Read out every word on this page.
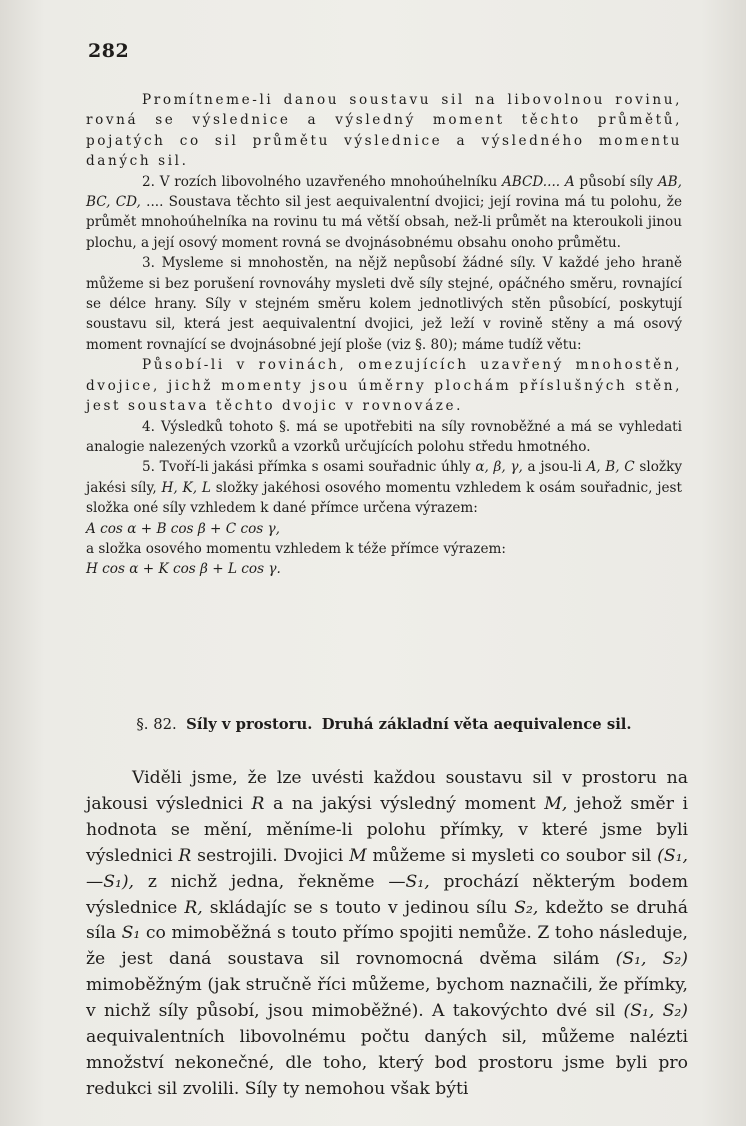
282

Promítneme-li danou soustavu sil na libovolnou rovinu, rovná se výslednice a výsledný moment těchto průmětů, pojatých co sil průmětu výslednice a výsledného momentu daných sil.

2. V rozích libovolného uzavřeného mnohoúhelníku ABCD.... A působí síly AB, BC, CD, .... Soustava těchto sil jest aequivalentní dvojici; její rovina má tu polohu, že průmět mnohoúhelníka na rovinu tu má větší obsah, než-li průmět na kteroukoli jinou plochu, a její osový moment rovná se dvojnásobnému obsahu onoho průmětu.

3. Mysleme si mnohostěn, na nějž nepůsobí žádné síly. V každé jeho hraně můžeme si bez porušení rovnováhy mysleti dvě síly stejné, opáčného směru, rovnající se délce hrany. Síly v stejném směru kolem jednotlivých stěn působící, poskytují soustavu sil, která jest aequivalentní dvojici, jež leží v rovině stěny a má osový moment rovnající se dvojnásobné její ploše (viz §. 80); máme tudíž větu:

Působí-li v rovinách, omezujících uzavřený mnohostěn, dvojice, jichž momenty jsou úměrny plochám příslušných stěn, jest soustava těchto dvojic v rovnováze.

4. Výsledků tohoto §. má se upotřebiti na síly rovnoběžné a má se vyhledati analogie nalezených vzorků a vzorků určujících polohu středu hmotného.

5. Tvoří-li jakási přímka s osami souřadnic úhly α, β, γ, a jsou-li A, B, C složky jakési síly, H, K, L složky jakéhosi osového momentu vzhledem k osám souřadnic, jest složka oné síly vzhledem k dané přímce určena výrazem:

A cos α + B cos β + C cos γ,

a složka osového momentu vzhledem k téže přímce výrazem:

H cos α + K cos β + L cos γ.

§. 82. Síly v prostoru. Druhá základní věta aequivalence sil.

Viděli jsme, že lze uvésti každou soustavu sil v prostoru na jakousi výslednici R a na jakýsi výsledný moment M, jehož směr i hodnota se mění, měníme-li polohu přímky, v které jsme byli výslednici R sestrojili. Dvojici M můžeme si mysleti co soubor sil (S₁, —S₁), z nichž jedna, řekněme —S₁, prochází některým bodem výslednice R, skládajíc se s touto v jedinou sílu S₂, kdežto se druhá síla S₁ co mimoběžná s touto přímo spojiti nemůže. Z toho následuje, že jest daná soustava sil rovnomocná dvěma silám (S₁, S₂) mimoběžným (jak stručně říci můžeme, bychom naznačili, že přímky, v nichž síly působí, jsou mimoběžné). A takovýchto dvé sil (S₁, S₂) aequivalentních libovolnému počtu daných sil, můžeme nalézti množství nekonečné, dle toho, který bod prostoru jsme byli pro redukci sil zvolili. Síly ty nemohou však býti
